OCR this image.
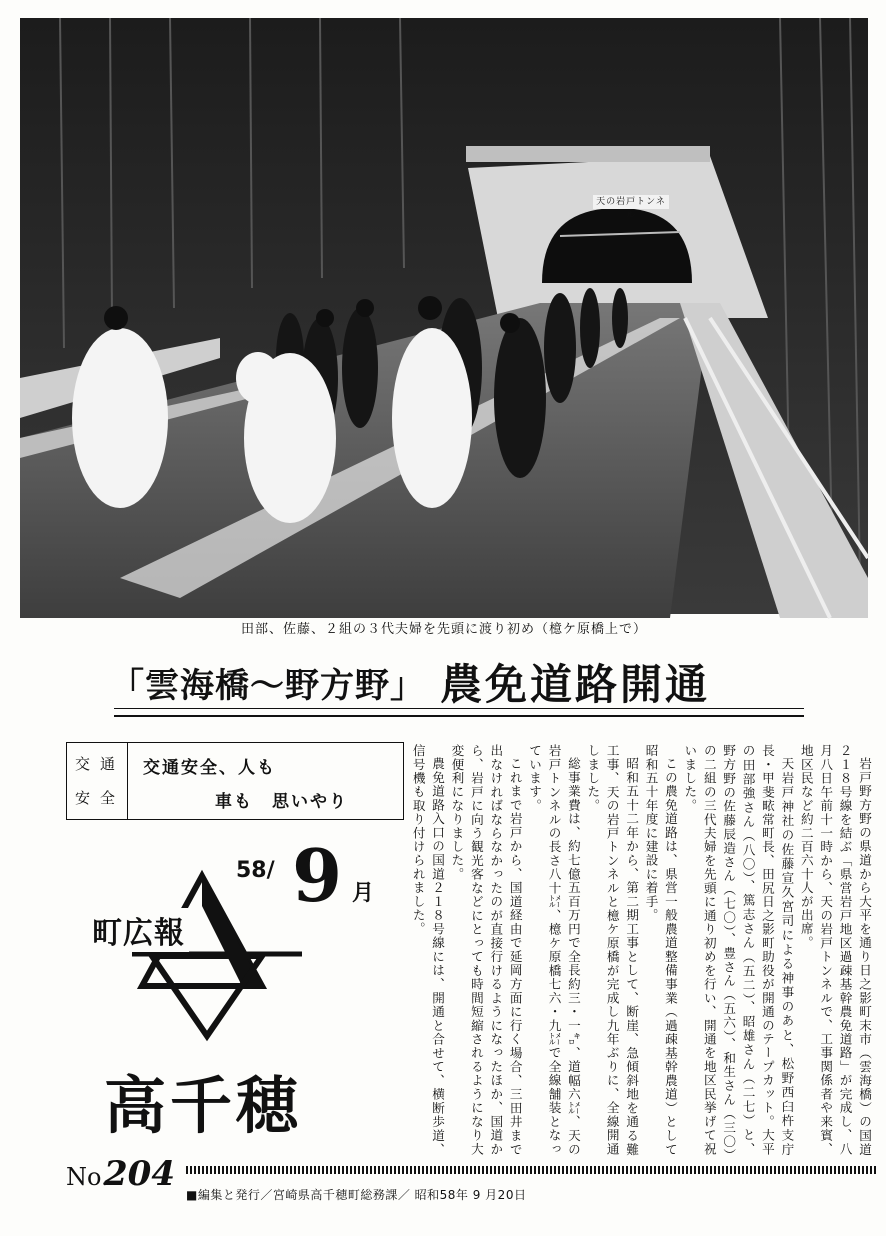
天の岩戸トンネル
田部、佐藤、２組の３代夫婦を先頭に渡り初め（檍ケ原橋上で）
「雲海橋〜野方野」 農免道路開通
交通
安全
交通安全、人も
車も　思いやり
町広報
58/ 9 月
高千穂
No.
204
■編集と発行／宮崎県高千穂町総務課／ 昭和58年 9 月20日

岩戸野方野の県道から大平を通り日之影町末市（雲海橋）の国道２１８号線を結ぶ「県営岩戸地区過疎基幹農免道路」が完成し、八月八日午前十一時から、天の岩戸トンネルで、工事関係者や来賓、地区民など約二百六十人が出席。

天岩戸神社の佐藤宣久宮司による神事のあと、松野西臼杵支庁長・甲斐畩常町長、田尻日之影町助役が開通のテープカット。大平の田部強さん（八〇）、篤志さん（五二）、昭雄さん（二七）と、野方野の佐藤辰造さん（七〇）、豊さん（五六）、和生さん（三〇）の二組の三代夫婦を先頭に通り初めを行い、開通を地区民挙げて祝いました。

この農免道路は、県営一般農道整備事業（過疎基幹農道）として昭和五十年度に建設に着手。

昭和五十二年から、第二期工事として、断崖、急傾斜地を通る難工事、天の岩戸トンネルと檍ケ原橋が完成し九年ぶりに、全線開通しました。

総事業費は、約七億五百万円で全長約三・一㌔、道幅六㍍、天の岩戸トンネルの長さ八十㍍、檍ケ原橋七六・九㍍で全線舗装となっています。

これまで岩戸から、国道経由で延岡方面に行く場合、三田井まで出なければならなかったのが直接行けるようになったほか、国道から、岩戸に向う観光客などにとっても時間短縮されるようになり大変便利になりました。

農免道路入口の国道２１８号線には、開通と合せて、横断歩道、信号機も取り付けられました。
